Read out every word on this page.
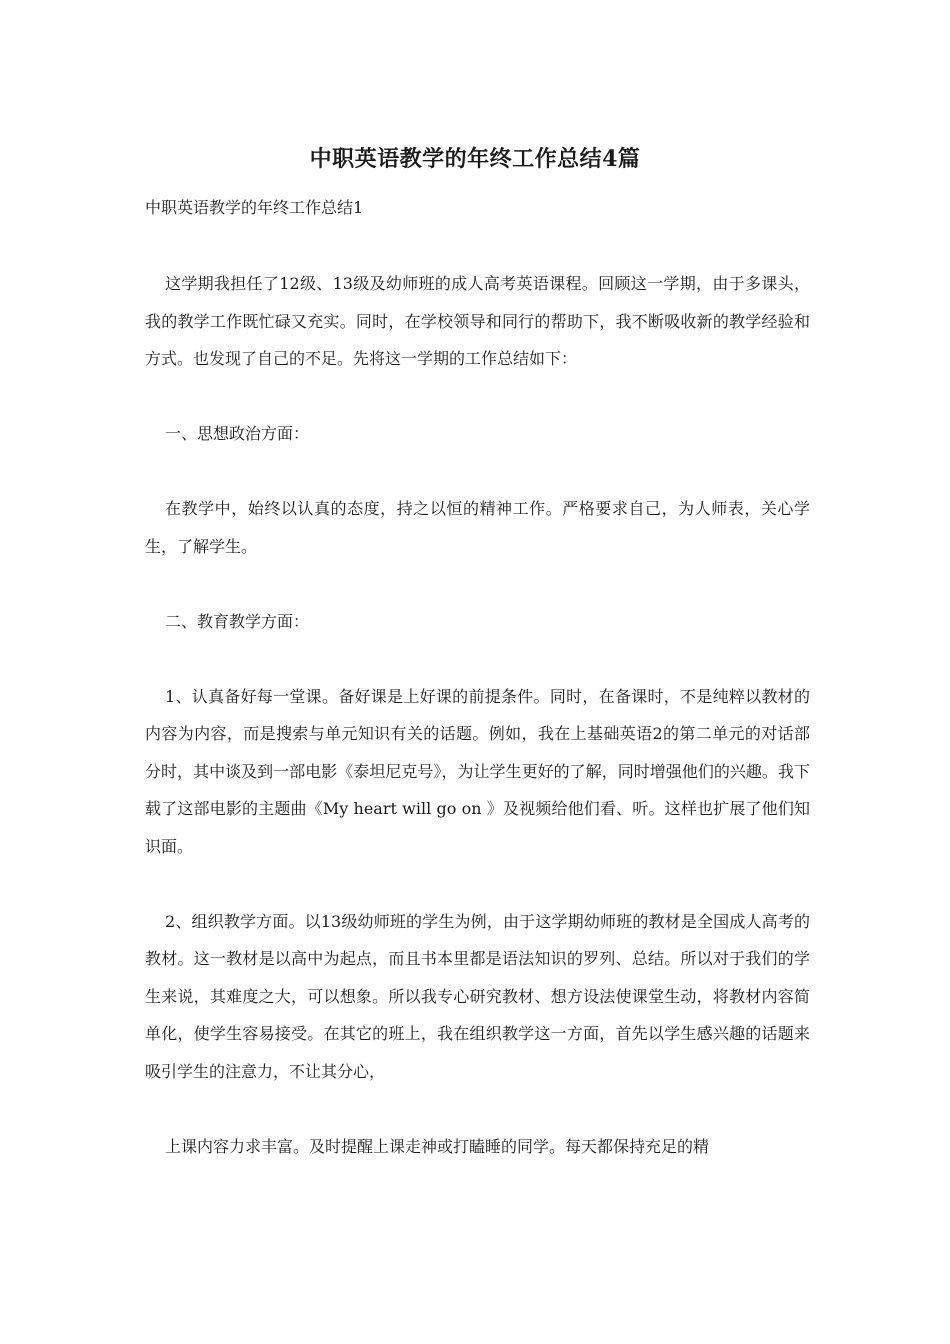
中职英语教学的年终工作总结4篇
中职英语教学的年终工作总结1

这学期我担任了12级、13级及幼师班的成人高考英语课程。回顾这一学期，由于多课头，我的教学工作既忙碌又充实。同时，在学校领导和同行的帮助下，我不断吸收新的教学经验和方式。也发现了自己的不足。先将这一学期的工作总结如下：

一、思想政治方面：

在教学中，始终以认真的态度，持之以恒的精神工作。严格要求自己，为人师表，关心学生，了解学生。

二、教育教学方面：

1、认真备好每一堂课。备好课是上好课的前提条件。同时，在备课时，不是纯粹以教材的内容为内容，而是搜索与单元知识有关的话题。例如，我在上基础英语2的第二单元的对话部分时，其中谈及到一部电影《泰坦尼克号》，为让学生更好的了解，同时增强他们的兴趣。我下载了这部电影的主题曲《My heart will go on 》及视频给他们看、听。这样也扩展了他们知识面。

2、组织教学方面。以13级幼师班的学生为例，由于这学期幼师班的教材是全国成人高考的教材。这一教材是以高中为起点，而且书本里都是语法知识的罗列、总结。所以对于我们的学生来说，其难度之大，可以想象。所以我专心研究教材、想方设法使课堂生动，将教材内容简单化，使学生容易接受。在其它的班上，我在组织教学这一方面，首先以学生感兴趣的话题来吸引学生的注意力，不让其分心，

上课内容力求丰富。及时提醒上课走神或打瞌睡的同学。每天都保持充足的精
